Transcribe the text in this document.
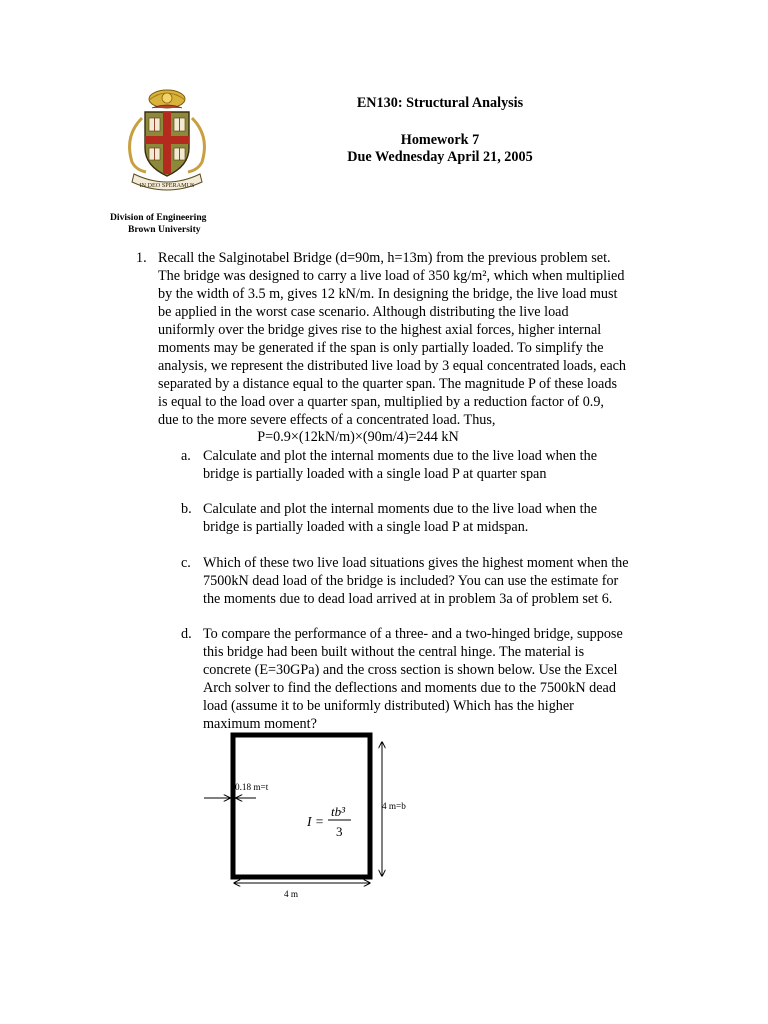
IN DEO SPERAMUS
EN130: Structural Analysis
Homework 7
Due Wednesday April 21, 2005
Division of Engineering
Brown University
1. Recall the Salginotabel Bridge (d=90m, h=13m) from the previous problem set.

The bridge was designed to carry a live load of 350 kg/m², which when multiplied

by the width of 3.5 m, gives 12 kN/m. In designing the bridge, the live load must

be applied in the worst case scenario. Although distributing the live load

uniformly over the bridge gives rise to the highest axial forces, higher internal

moments may be generated if the span is only partially loaded. To simplify the

analysis, we represent the distributed live load by 3 equal concentrated loads, each

separated by a distance equal to the quarter span. The magnitude P of these loads

is equal to the load over a quarter span, multiplied by a reduction factor of 0.9,

due to the more severe effects of a concentrated load. Thus,

P=0.9×(12kN/m)×(90m/4)=244 kN
a. Calculate and plot the internal moments due to the live load when the

bridge is partially loaded with a single load P at quarter span

b. Calculate and plot the internal moments due to the live load when the

bridge is partially loaded with a single load P at midspan.

c. Which of these two live load situations gives the highest moment when the

7500kN dead load of the bridge is included? You can use the estimate for

the moments due to dead load arrived at in problem 3a of problem set 6.

d. To compare the performance of a three- and a two-hinged bridge, suppose

this bridge had been built without the central hinge. The material is

concrete (E=30GPa) and the cross section is shown below. Use the Excel

Arch solver to find the deflections and moments due to the 7500kN dead

load (assume it to be uniformly distributed) Which has the higher

maximum moment?

0.18 m=t
4 m=b
4 m
I =
tb³
3
